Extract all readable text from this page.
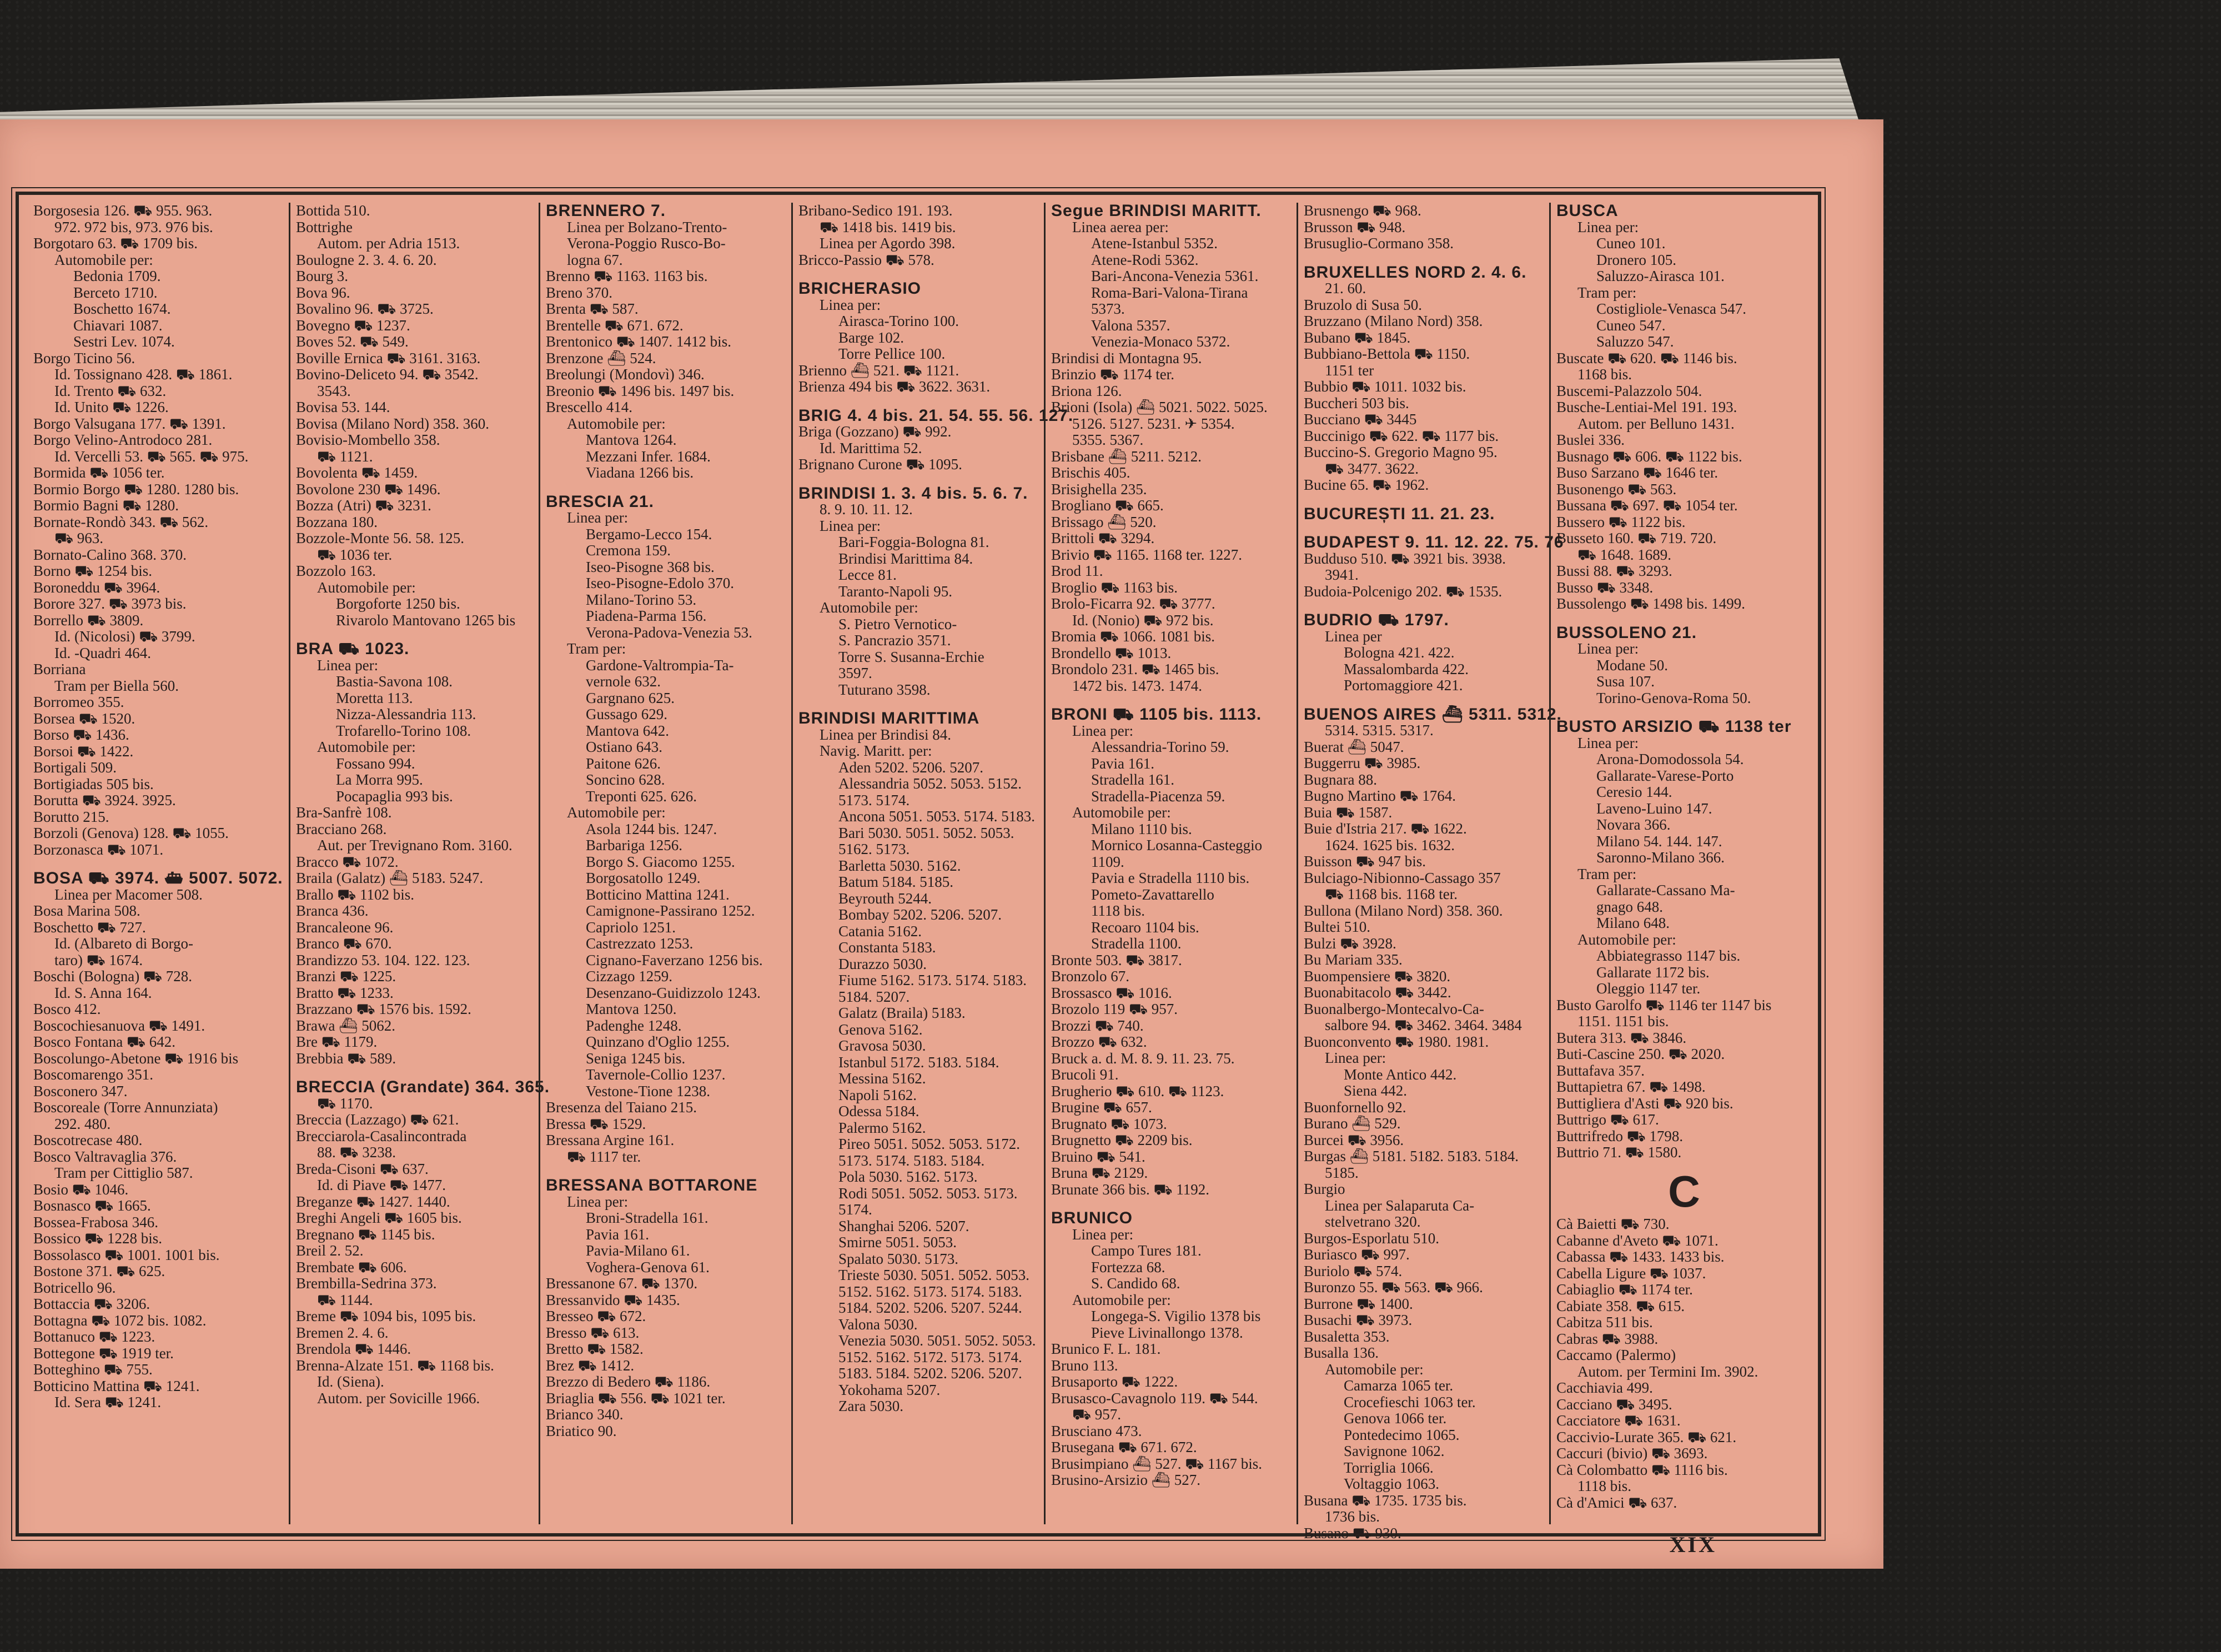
Borgosesia 126. ⛟ 955. 963.
972. 972 bis, 973. 976 bis.
Borgotaro 63. ⛟ 1709 bis.
Automobile per:
Bedonia 1709.
Berceto 1710.
Boschetto 1674.
Chiavari 1087.
Sestri Lev. 1074.
Borgo Ticino 56.
Id. Tossignano 428. ⛟ 1861.
Id. Trento ⛟ 632.
Id. Unito ⛟ 1226.
Borgo Valsugana 177. ⛟ 1391.
Borgo Velino-Antrodoco 281.
Id. Vercelli 53. ⛟ 565. ⛟ 975.
Bormida ⛟ 1056 ter.
Bormio Borgo ⛟ 1280. 1280 bis.
Bormio Bagni ⛟ 1280.
Bornate-Rondò 343. ⛟ 562.
⛟ 963.
Bornato-Calino 368. 370.
Borno ⛟ 1254 bis.
Boroneddu ⛟ 3964.
Borore 327. ⛟ 3973 bis.
Borrello ⛟ 3809.
Id. (Nicolosi) ⛟ 3799.
Id. -Quadri 464.
Borriana
Tram per Biella 560.
Borromeo 355.
Borsea ⛟ 1520.
Borso ⛟ 1436.
Borsoi ⛟ 1422.
Bortigali 509.
Bortigiadas 505 bis.
Borutta ⛟ 3924. 3925.
Borutto 215.
Borzoli (Genova) 128. ⛟ 1055.
Borzonasca ⛟ 1071.
BOSA ⛟ 3974. ⛴ 5007. 5072.
Linea per Macomer 508.
Bosa Marina 508.
Boschetto ⛟ 727.
Id. (Albareto di Borgo-
taro) ⛟ 1674.
Boschi (Bologna) ⛟ 728.
Id. S. Anna 164.
Bosco 412.
Boscochiesanuova ⛟ 1491.
Bosco Fontana ⛟ 642.
Boscolungo-Abetone ⛟ 1916 bis
Boscomarengo 351.
Bosconero 347.
Boscoreale (Torre Annunziata)
292. 480.
Boscotrecase 480.
Bosco Valtravaglia 376.
Tram per Cittiglio 587.
Bosio ⛟ 1046.
Bosnasco ⛟ 1665.
Bossea-Frabosa 346.
Bossico ⛟ 1228 bis.
Bossolasco ⛟ 1001. 1001 bis.
Bostone 371. ⛟ 625.
Botricello 96.
Bottaccia ⛟ 3206.
Bottagna ⛟ 1072 bis. 1082.
Bottanuco ⛟ 1223.
Bottegone ⛟ 1919 ter.
Botteghino ⛟ 755.
Botticino Mattina ⛟ 1241.
Id. Sera ⛟ 1241.
Bottida 510.
Bottrighe
Autom. per Adria 1513.
Boulogne 2. 3. 4. 6. 20.
Bourg 3.
Bova 96.
Bovalino 96. ⛟ 3725.
Bovegno ⛟ 1237.
Boves 52. ⛟ 549.
Boville Ernica ⛟ 3161. 3163.
Bovino-Deliceto 94. ⛟ 3542.
3543.
Bovisa 53. 144.
Bovisa (Milano Nord) 358. 360.
Bovisio-Mombello 358.
⛟ 1121.
Bovolenta ⛟ 1459.
Bovolone 230 ⛟ 1496.
Bozza (Atri) ⛟ 3231.
Bozzana 180.
Bozzole-Monte 56. 58. 125.
⛟ 1036 ter.
Bozzolo 163.
Automobile per:
Borgoforte 1250 bis.
Rivarolo Mantovano 1265 bis
BRA ⛟ 1023.
Linea per:
Bastia-Savona 108.
Moretta 113.
Nizza-Alessandria 113.
Trofarello-Torino 108.
Automobile per:
Fossano 994.
La Morra 995.
Pocapaglia 993 bis.
Bra-Sanfrè 108.
Bracciano 268.
Aut. per Trevignano Rom. 3160.
Bracco ⛟ 1072.
Braila (Galatz) ⛴ 5183. 5247.
Brallo ⛟ 1102 bis.
Branca 436.
Brancaleone 96.
Branco ⛟ 670.
Brandizzo 53. 104. 122. 123.
Branzi ⛟ 1225.
Bratto ⛟ 1233.
Brazzano ⛟ 1576 bis. 1592.
Brawa ⛴ 5062.
Bre ⛟ 1179.
Brebbia ⛟ 589.
BRECCIA (Grandate) 364. 365.
⛟ 1170.
Breccia (Lazzago) ⛟ 621.
Brecciarola-Casalincontrada
88. ⛟ 3238.
Breda-Cisoni ⛟ 637.
Id. di Piave ⛟ 1477.
Breganze ⛟ 1427. 1440.
Breghi Angeli ⛟ 1605 bis.
Bregnano ⛟ 1145 bis.
Breil 2. 52.
Brembate ⛟ 606.
Brembilla-Sedrina 373.
⛟ 1144.
Breme ⛟ 1094 bis, 1095 bis.
Bremen 2. 4. 6.
Brendola ⛟ 1446.
Brenna-Alzate 151. ⛟ 1168 bis.
Id. (Siena).
Autom. per Sovicille 1966.
BRENNERO 7.
Linea per Bolzano-Trento-
Verona-Poggio Rusco-Bo-
logna 67.
Brenno ⛟ 1163. 1163 bis.
Breno 370.
Brenta ⛟ 587.
Brentelle ⛟ 671. 672.
Brentonico ⛟ 1407. 1412 bis.
Brenzone ⛴ 524.
Breolungi (Mondovì) 346.
Breonio ⛟ 1496 bis. 1497 bis.
Brescello 414.
Automobile per:
Mantova 1264.
Mezzani Infer. 1684.
Viadana 1266 bis.
BRESCIA 21.
Linea per:
Bergamo-Lecco 154.
Cremona 159.
Iseo-Pisogne 368 bis.
Iseo-Pisogne-Edolo 370.
Milano-Torino 53.
Piadena-Parma 156.
Verona-Padova-Venezia 53.
Tram per:
Gardone-Valtrompia-Ta-
vernole 632.
Gargnano 625.
Gussago 629.
Mantova 642.
Ostiano 643.
Paitone 626.
Soncino 628.
Treponti 625. 626.
Automobile per:
Asola 1244 bis. 1247.
Barbariga 1256.
Borgo S. Giacomo 1255.
Borgosatollo 1249.
Botticino Mattina 1241.
Camignone-Passirano 1252.
Capriolo 1251.
Castrezzato 1253.
Cignano-Faverzano 1256 bis.
Cizzago 1259.
Desenzano-Guidizzolo 1243.
Mantova 1250.
Padenghe 1248.
Quinzano d'Oglio 1255.
Seniga 1245 bis.
Tavernole-Collio 1237.
Vestone-Tione 1238.
Bresenza del Taiano 215.
Bressa ⛟ 1529.
Bressana Argine 161.
⛟ 1117 ter.
BRESSANA BOTTARONE
Linea per:
Broni-Stradella 161.
Pavia 161.
Pavia-Milano 61.
Voghera-Genova 61.
Bressanone 67. ⛟ 1370.
Bressanvido ⛟ 1435.
Bresseo ⛟ 672.
Bresso ⛟ 613.
Bretto ⛟ 1582.
Brez ⛟ 1412.
Brezzo di Bedero ⛟ 1186.
Briaglia ⛟ 556. ⛟ 1021 ter.
Brianco 340.
Briatico 90.
Bribano-Sedico 191. 193.
⛟ 1418 bis. 1419 bis.
Linea per Agordo 398.
Bricco-Passio ⛟ 578.
BRICHERASIO
Linea per:
Airasca-Torino 100.
Barge 102.
Torre Pellice 100.
Brienno ⛴ 521. ⛟ 1121.
Brienza 494 bis ⛟ 3622. 3631.
BRIG 4. 4 bis. 21. 54. 55. 56. 127.
Briga (Gozzano) ⛟ 992.
Id. Marittima 52.
Brignano Curone ⛟ 1095.
BRINDISI 1. 3. 4 bis. 5. 6. 7.
8. 9. 10. 11. 12.
Linea per:
Bari-Foggia-Bologna 81.
Brindisi Marittima 84.
Lecce 81.
Taranto-Napoli 95.
Automobile per:
S. Pietro Vernotico-
S. Pancrazio 3571.
Torre S. Susanna-Erchie
3597.
Tuturano 3598.
BRINDISI MARITTIMA
Linea per Brindisi 84.
Navig. Maritt. per:
Aden 5202. 5206. 5207.
Alessandria 5052. 5053. 5152.
5173. 5174.
Ancona 5051. 5053. 5174. 5183.
Bari 5030. 5051. 5052. 5053.
5162. 5173.
Barletta 5030. 5162.
Batum 5184. 5185.
Beyrouth 5244.
Bombay 5202. 5206. 5207.
Catania 5162.
Constanta 5183.
Durazzo 5030.
Fiume 5162. 5173. 5174. 5183.
5184. 5207.
Galatz (Braila) 5183.
Genova 5162.
Gravosa 5030.
Istanbul 5172. 5183. 5184.
Messina 5162.
Napoli 5162.
Odessa 5184.
Palermo 5162.
Pireo 5051. 5052. 5053. 5172.
5173. 5174. 5183. 5184.
Pola 5030. 5162. 5173.
Rodi 5051. 5052. 5053. 5173.
5174.
Shanghai 5206. 5207.
Smirne 5051. 5053.
Spalato 5030. 5173.
Trieste 5030. 5051. 5052. 5053.
5152. 5162. 5173. 5174. 5183.
5184. 5202. 5206. 5207. 5244.
Valona 5030.
Venezia 5030. 5051. 5052. 5053.
5152. 5162. 5172. 5173. 5174.
5183. 5184. 5202. 5206. 5207.
Yokohama 5207.
Zara 5030.
Segue BRINDISI MARITT.
Linea aerea per:
Atene-Istanbul 5352.
Atene-Rodi 5362.
Bari-Ancona-Venezia 5361.
Roma-Bari-Valona-Tirana
5373.
Valona 5357.
Venezia-Monaco 5372.
Brindisi di Montagna 95.
Brinzio ⛟ 1174 ter.
Briona 126.
Brioni (Isola) ⛴ 5021. 5022. 5025.
5126. 5127. 5231. ✈ 5354.
5355. 5367.
Brisbane ⛴ 5211. 5212.
Brischis 405.
Brisighella 235.
Brogliano ⛟ 665.
Brissago ⛴ 520.
Brittoli ⛟ 3294.
Brivio ⛟ 1165. 1168 ter. 1227.
Brod 11.
Broglio ⛟ 1163 bis.
Brolo-Ficarra 92. ⛟ 3777.
Id. (Nonio) ⛟ 972 bis.
Bromia ⛟ 1066. 1081 bis.
Brondello ⛟ 1013.
Brondolo 231. ⛟ 1465 bis.
1472 bis. 1473. 1474.
BRONI ⛟ 1105 bis. 1113.
Linea per:
Alessandria-Torino 59.
Pavia 161.
Stradella 161.
Stradella-Piacenza 59.
Automobile per:
Milano 1110 bis.
Mornico Losanna-Casteggio
1109.
Pavia e Stradella 1110 bis.
Pometo-Zavattarello
1118 bis.
Recoaro 1104 bis.
Stradella 1100.
Bronte 503. ⛟ 3817.
Bronzolo 67.
Brossasco ⛟ 1016.
Brozolo 119 ⛟ 957.
Brozzi ⛟ 740.
Brozzo ⛟ 632.
Bruck a. d. M. 8. 9. 11. 23. 75.
Brucoli 91.
Brugherio ⛟ 610. ⛟ 1123.
Brugine ⛟ 657.
Brugnato ⛟ 1073.
Brugnetto ⛟ 2209 bis.
Bruino ⛟ 541.
Bruna ⛟ 2129.
Brunate 366 bis. ⛟ 1192.
BRUNICO
Linea per:
Campo Tures 181.
Fortezza 68.
S. Candido 68.
Automobile per:
Longega-S. Vigilio 1378 bis
Pieve Livinallongo 1378.
Brunico F. L. 181.
Bruno 113.
Brusaporto ⛟ 1222.
Brusasco-Cavagnolo 119. ⛟ 544.
⛟ 957.
Brusciano 473.
Brusegana ⛟ 671. 672.
Brusimpiano ⛴ 527. ⛟ 1167 bis.
Brusino-Arsizio ⛴ 527.
Brusnengo ⛟ 968.
Brusson ⛟ 948.
Brusuglio-Cormano 358.
BRUXELLES NORD 2. 4. 6.
21. 60.
Bruzolo di Susa 50.
Bruzzano (Milano Nord) 358.
Bubano ⛟ 1845.
Bubbiano-Bettola ⛟ 1150.
1151 ter
Bubbio ⛟ 1011. 1032 bis.
Buccheri 503 bis.
Bucciano ⛟ 3445
Buccinigo ⛟ 622. ⛟ 1177 bis.
Buccino-S. Gregorio Magno 95.
⛟ 3477. 3622.
Bucine 65. ⛟ 1962.
BUCUREȘTI 11. 21. 23.
BUDAPEST 9. 11. 12. 22. 75. 76
Budduso 510. ⛟ 3921 bis. 3938.
3941.
Budoia-Polcenigo 202. ⛟ 1535.
BUDRIO ⛟ 1797.
Linea per
Bologna 421. 422.
Massalombarda 422.
Portomaggiore 421.
BUENOS AIRES ⛴ 5311. 5312.
5314. 5315. 5317.
Buerat ⛴ 5047.
Buggerru ⛟ 3985.
Bugnara 88.
Bugno Martino ⛟ 1764.
Buia ⛟ 1587.
Buie d'Istria 217. ⛟ 1622.
1624. 1625 bis. 1632.
Buisson ⛟ 947 bis.
Bulciago-Nibionno-Cassago 357
⛟ 1168 bis. 1168 ter.
Bullona (Milano Nord) 358. 360.
Bultei 510.
Bulzi ⛟ 3928.
Bu Mariam 335.
Buompensiere ⛟ 3820.
Buonabitacolo ⛟ 3442.
Buonalbergo-Montecalvo-Ca-
salbore 94. ⛟ 3462. 3464. 3484
Buonconvento ⛟ 1980. 1981.
Linea per:
Monte Antico 442.
Siena 442.
Buonfornello 92.
Burano ⛴ 529.
Burcei ⛟ 3956.
Burgas ⛴ 5181. 5182. 5183. 5184.
5185.
Burgio
Linea per Salaparuta Ca-
stelvetrano 320.
Burgos-Esporlatu 510.
Buriasco ⛟ 997.
Buriolo ⛟ 574.
Buronzo 55. ⛟ 563. ⛟ 966.
Burrone ⛟ 1400.
Busachi ⛟ 3973.
Busaletta 353.
Busalla 136.
Automobile per:
Camarza 1065 ter.
Crocefieschi 1063 ter.
Genova 1066 ter.
Pontedecimo 1065.
Savignone 1062.
Torriglia 1066.
Voltaggio 1063.
Busana ⛟ 1735. 1735 bis.
1736 bis.
Busano ⛟ 930.
BUSCA
Linea per:
Cuneo 101.
Dronero 105.
Saluzzo-Airasca 101.
Tram per:
Costigliole-Venasca 547.
Cuneo 547.
Saluzzo 547.
Buscate ⛟ 620. ⛟ 1146 bis.
1168 bis.
Buscemi-Palazzolo 504.
Busche-Lentiai-Mel 191. 193.
Autom. per Belluno 1431.
Buslei 336.
Busnago ⛟ 606. ⛟ 1122 bis.
Buso Sarzano ⛟ 1646 ter.
Busonengo ⛟ 563.
Bussana ⛟ 697. ⛟ 1054 ter.
Bussero ⛟ 1122 bis.
Busseto 160. ⛟ 719. 720.
⛟ 1648. 1689.
Bussi 88. ⛟ 3293.
Busso ⛟ 3348.
Bussolengo ⛟ 1498 bis. 1499.
BUSSOLENO 21.
Linea per:
Modane 50.
Susa 107.
Torino-Genova-Roma 50.
BUSTO ARSIZIO ⛟ 1138 ter
Linea per:
Arona-Domodossola 54.
Gallarate-Varese-Porto
Ceresio 144.
Laveno-Luino 147.
Novara 366.
Milano 54. 144. 147.
Saronno-Milano 366.
Tram per:
Gallarate-Cassano Ma-
gnago 648.
Milano 648.
Automobile per:
Abbiategrasso 1147 bis.
Gallarate 1172 bis.
Oleggio 1147 ter.
Busto Garolfo ⛟ 1146 ter 1147 bis
1151. 1151 bis.
Butera 313. ⛟ 3846.
Buti-Cascine 250. ⛟ 2020.
Buttafava 357.
Buttapietra 67. ⛟ 1498.
Buttigliera d'Asti ⛟ 920 bis.
Buttrigo ⛟ 617.
Buttrifredo ⛟ 1798.
Buttrio 71. ⛟ 1580.
C
Cà Baietti ⛟ 730.
Cabanne d'Aveto ⛟ 1071.
Cabassa ⛟ 1433. 1433 bis.
Cabella Ligure ⛟ 1037.
Cabiaglio ⛟ 1174 ter.
Cabiate 358. ⛟ 615.
Cabitza 511 bis.
Cabras ⛟ 3988.
Caccamo (Palermo)
Autom. per Termini Im. 3902.
Cacchiavia 499.
Cacciano ⛟ 3495.
Cacciatore ⛟ 1631.
Caccivio-Lurate 365. ⛟ 621.
Caccuri (bivio) ⛟ 3693.
Cà Colombatto ⛟ 1116 bis.
1118 bis.
Cà d'Amici ⛟ 637.
XIX
